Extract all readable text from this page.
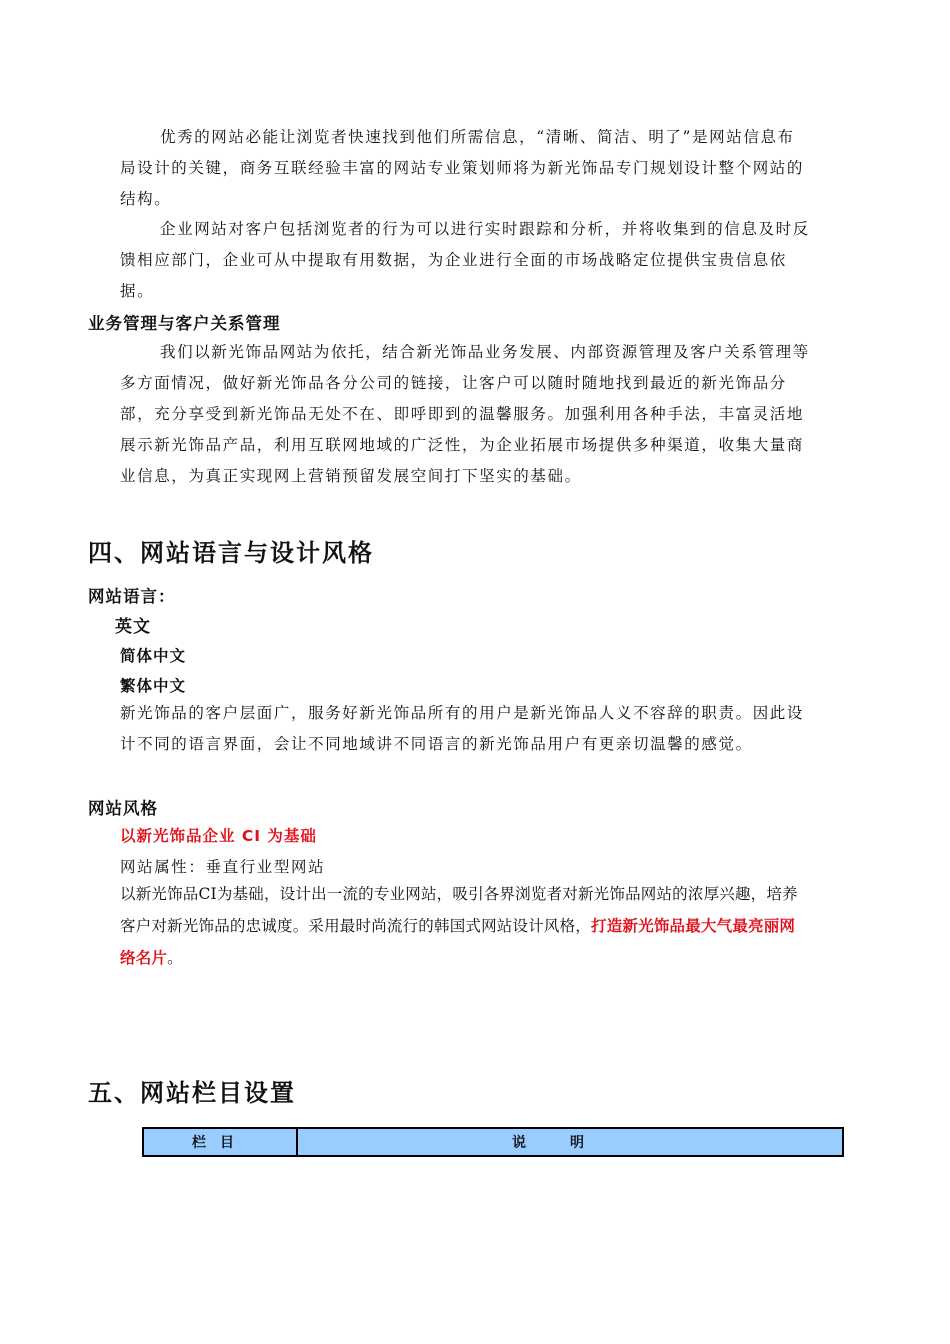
优秀的网站必能让浏览者快速找到他们所需信息，“清晰、简洁、明了”是网站信息布局设计的关键，商务互联经验丰富的网站专业策划师将为新光饰品专门规划设计整个网站的结构。
企业网站对客户包括浏览者的行为可以进行实时跟踪和分析，并将收集到的信息及时反馈相应部门，企业可从中提取有用数据，为企业进行全面的市场战略定位提供宝贵信息依据。
业务管理与客户关系管理
我们以新光饰品网站为依托，结合新光饰品业务发展、内部资源管理及客户关系管理等多方面情况，做好新光饰品各分公司的链接，让客户可以随时随地找到最近的新光饰品分部，充分享受到新光饰品无处不在、即呼即到的温馨服务。加强利用各种手法，丰富灵活地展示新光饰品产品，利用互联网地域的广泛性，为企业拓展市场提供多种渠道，收集大量商业信息，为真正实现网上营销预留发展空间打下坚实的基础。
四、网站语言与设计风格
网站语言：
英文
简体中文
繁体中文
新光饰品的客户层面广，服务好新光饰品所有的用户是新光饰品人义不容辞的职责。因此设计不同的语言界面，会让不同地域讲不同语言的新光饰品用户有更亲切温馨的感觉。
网站风格
以新光饰品企业 CI 为基础
网站属性：垂直行业型网站
以新光饰品CI为基础，设计出一流的专业网站，吸引各界浏览者对新光饰品网站的浓厚兴趣，培养客户对新光饰品的忠诚度。采用最时尚流行的韩国式网站设计风格，打造新光饰品最大气最亮丽网络名片。
五、网站栏目设置
栏目	说明
